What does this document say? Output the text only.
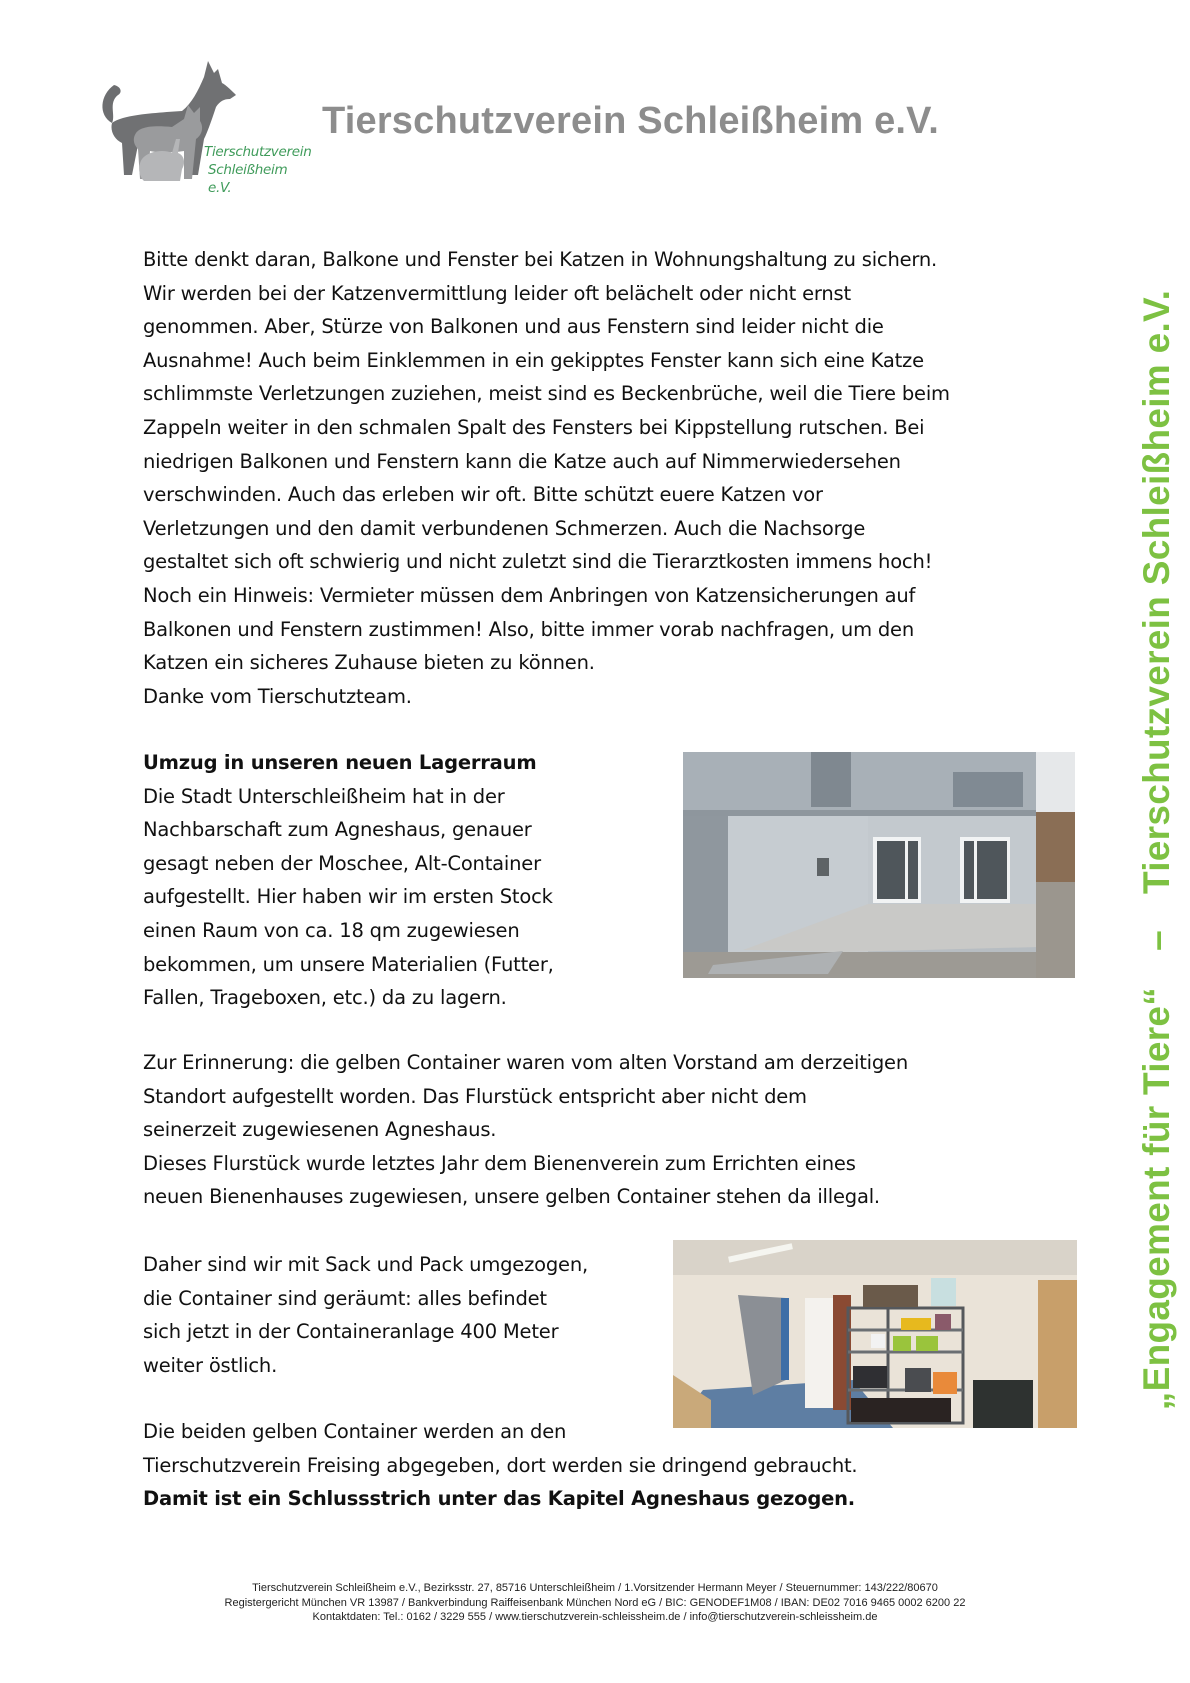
Tierschutzverein
Schleißheim e.V.
Tierschutzverein Schleißheim e.V.
„Engagement für Tiere“–Tierschutzverein Schleißheim e.V.
Bitte denkt daran, Balkone und Fenster bei Katzen in Wohnungshaltung zu sichern.
Wir werden bei der Katzenvermittlung leider oft belächelt oder nicht ernst
genommen. Aber, Stürze von Balkonen und aus Fenstern sind leider nicht die
Ausnahme! Auch beim Einklemmen in ein gekipptes Fenster kann sich eine Katze
schlimmste Verletzungen zuziehen, meist sind es Beckenbrüche, weil die Tiere beim
Zappeln weiter in den schmalen Spalt des Fensters bei Kippstellung rutschen. Bei
niedrigen Balkonen und Fenstern kann die Katze auch auf Nimmerwiedersehen
verschwinden. Auch das erleben wir oft. Bitte schützt euere Katzen vor
Verletzungen und den damit verbundenen Schmerzen. Auch die Nachsorge
gestaltet sich oft schwierig und nicht zuletzt sind die Tierarztkosten immens hoch!
Noch ein Hinweis: Vermieter müssen dem Anbringen von Katzensicherungen auf
Balkonen und Fenstern zustimmen! Also, bitte immer vorab nachfragen, um den
Katzen ein sicheres Zuhause bieten zu können.
Danke vom Tierschutzteam.
Umzug in unseren neuen Lagerraum
Die Stadt Unterschleißheim hat in der
Nachbarschaft zum Agneshaus, genauer
gesagt neben der Moschee, Alt-Container
aufgestellt. Hier haben wir im ersten Stock
einen Raum von ca. 18 qm zugewiesen
bekommen, um unsere Materialien (Futter,
Fallen, Trageboxen, etc.) da zu lagern.
Zur Erinnerung: die gelben Container waren vom alten Vorstand am derzeitigen
Standort aufgestellt worden. Das Flurstück entspricht aber nicht dem
seinerzeit zugewiesenen Agneshaus.
Dieses Flurstück wurde letztes Jahr dem Bienenverein zum Errichten eines
neuen Bienenhauses zugewiesen, unsere gelben Container stehen da illegal.
Daher sind wir mit Sack und Pack umgezogen,
die Container sind geräumt: alles befindet
sich jetzt in der Containeranlage 400 Meter
weiter östlich.
Die beiden gelben Container werden an den
Tierschutzverein Freising abgegeben, dort werden sie dringend gebraucht.
Damit ist ein Schlussstrich unter das Kapitel Agneshaus gezogen.
Tierschutzverein Schleißheim e.V., Bezirksstr. 27, 85716 Unterschleißheim / 1.Vorsitzender Hermann Meyer / Steuernummer: 143/222/80670
Registergericht München VR 13987 / Bankverbindung Raiffeisenbank München Nord eG / BIC: GENODEF1M08 / IBAN: DE02 7016 9465 0002 6200 22
Kontaktdaten: Tel.: 0162 / 3229 555 / www.tierschutzverein-schleissheim.de / info@tierschutzverein-schleissheim.de
